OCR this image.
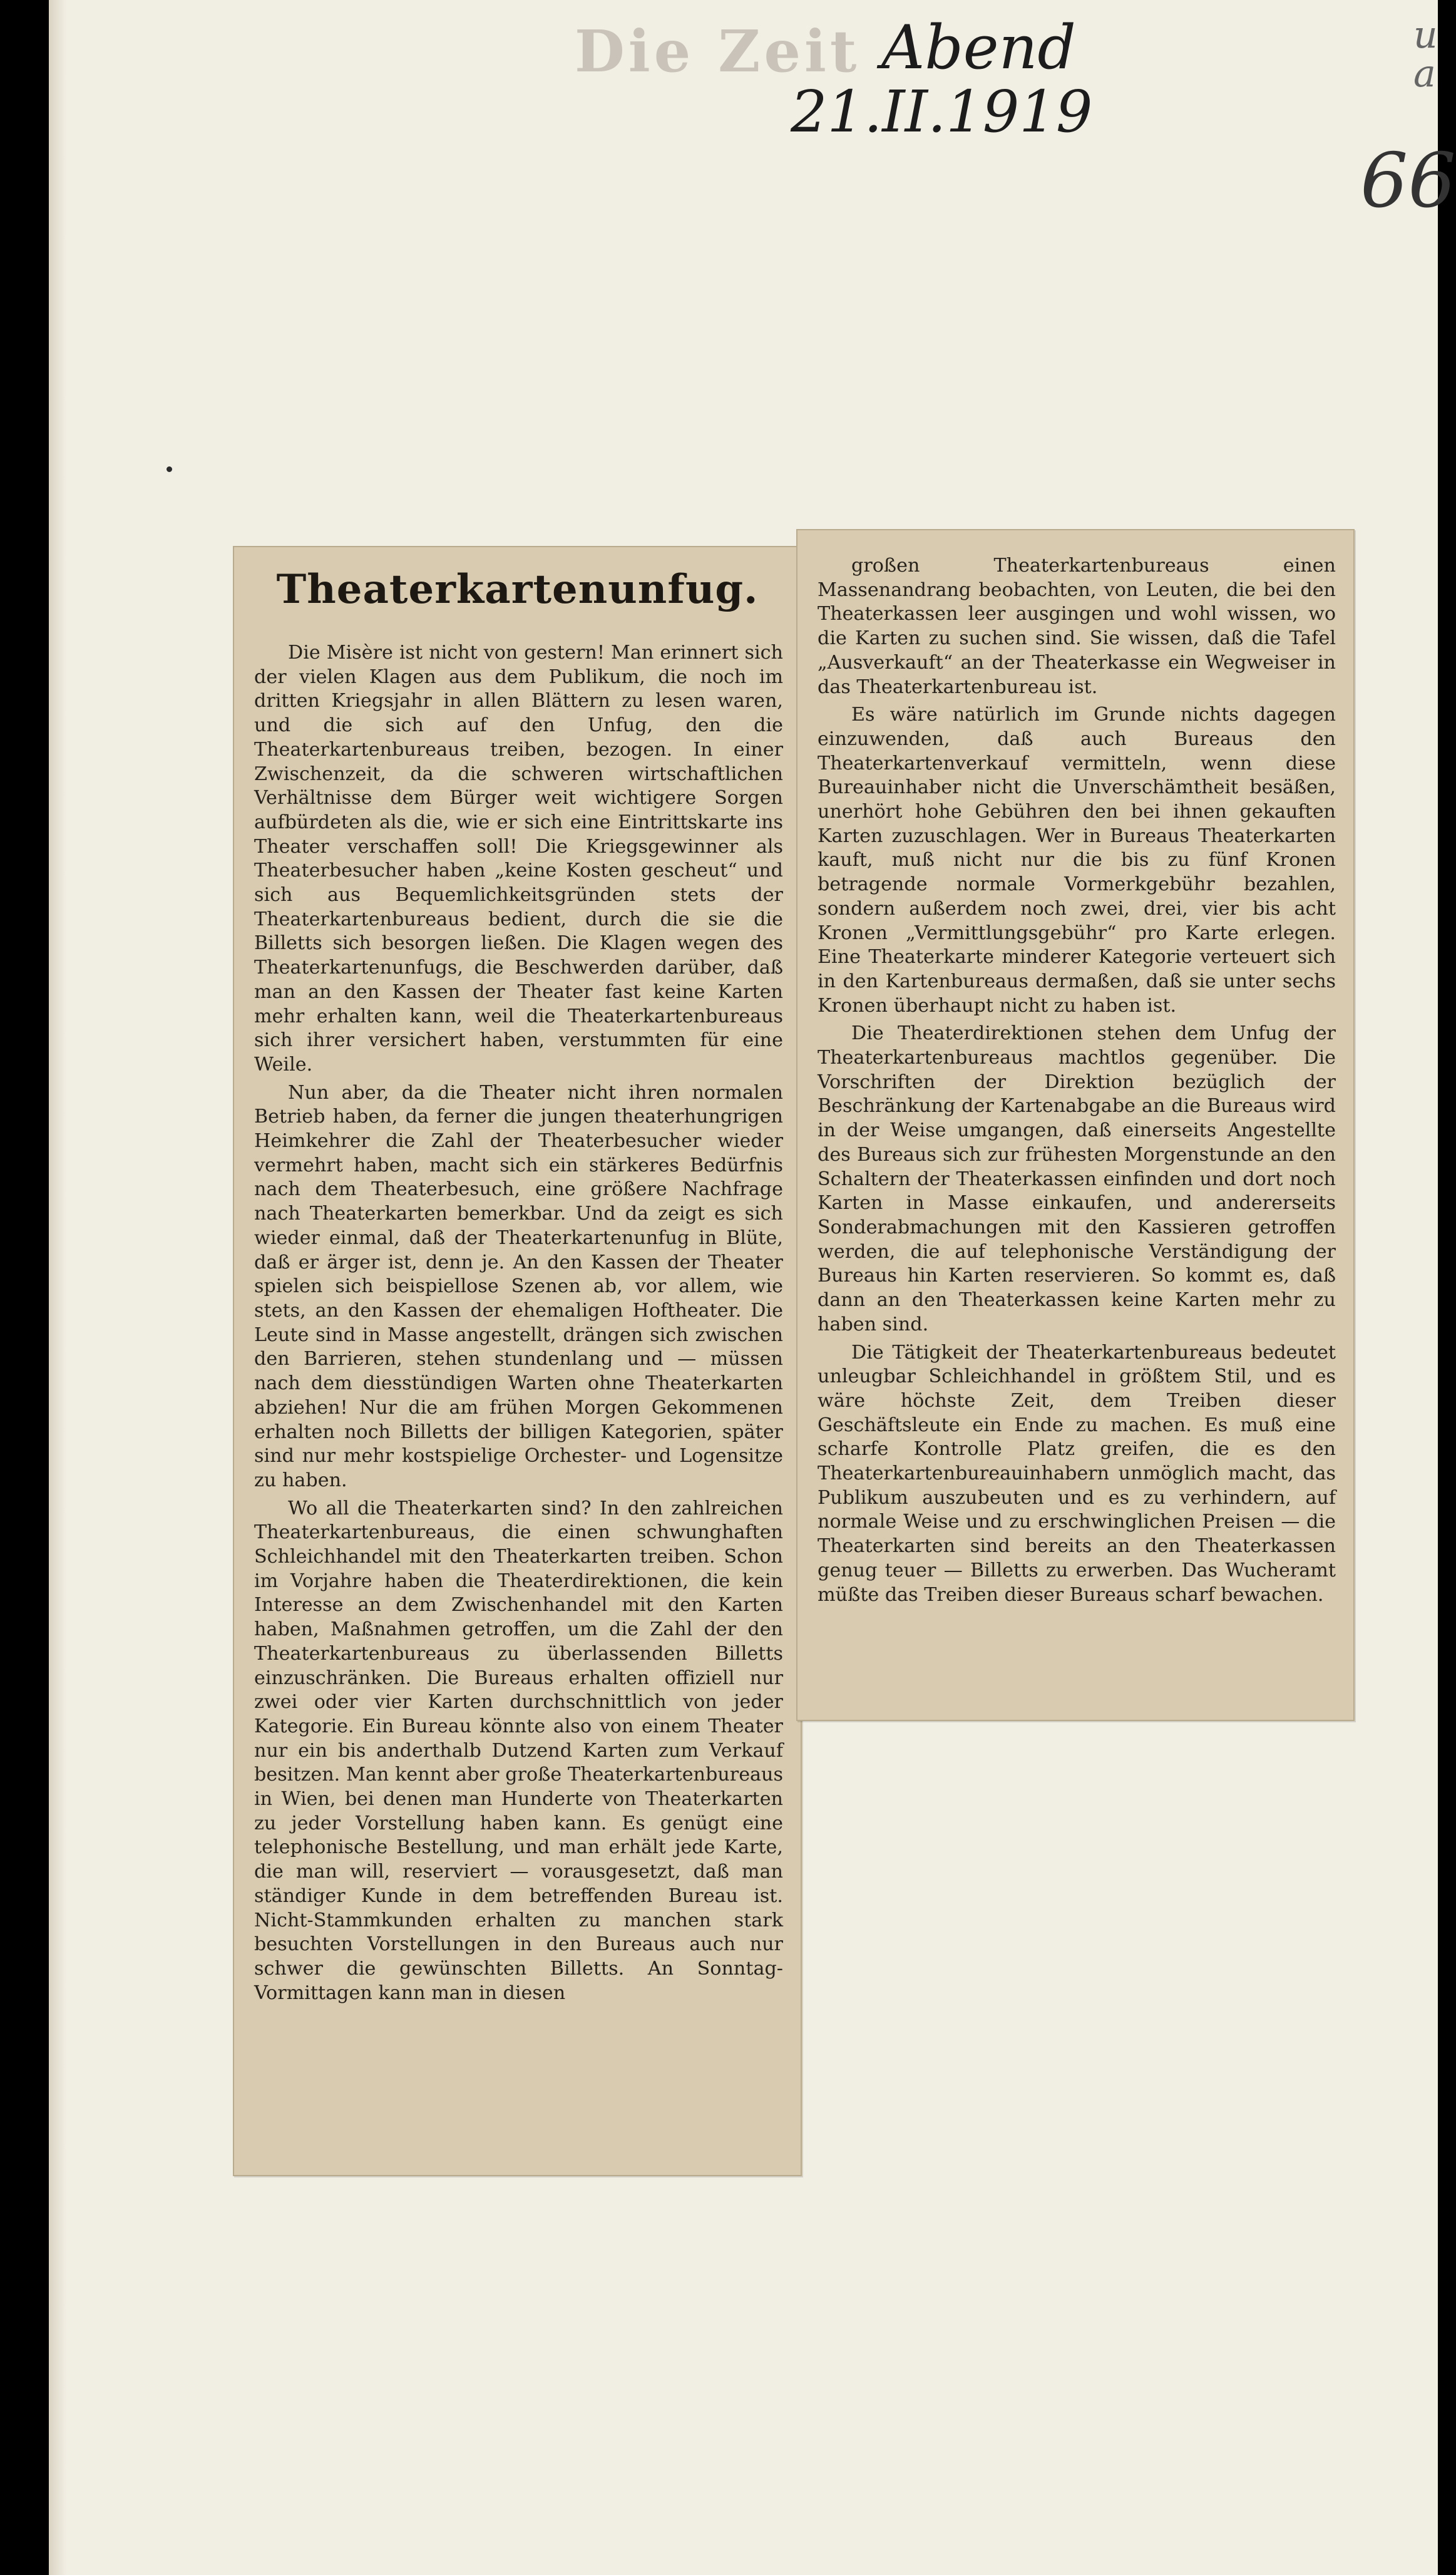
Die Zeit Abend
21.II.1919
66
u a
Theaterkartenunfug.

Die Misère ist nicht von gestern! Man erinnert sich der vielen Klagen aus dem Publikum, die noch im dritten Kriegsjahr in allen Blättern zu lesen waren, und die sich auf den Unfug, den die Theaterkartenbureaus treiben, bezogen. In einer Zwischenzeit, da die schweren wirtschaftlichen Verhältnisse dem Bürger weit wichtigere Sorgen aufbürdeten als die, wie er sich eine Eintrittskarte ins Theater verschaffen soll! Die Kriegsgewinner als Theaterbesucher haben „keine Kosten gescheut“ und sich aus Bequemlichkeitsgründen stets der Theaterkartenbureaus bedient, durch die sie die Billetts sich besorgen ließen. Die Klagen wegen des Theaterkartenunfugs, die Beschwerden darüber, daß man an den Kassen der Theater fast keine Karten mehr erhalten kann, weil die Theaterkartenbureaus sich ihrer versichert haben, verstummten für eine Weile.

Nun aber, da die Theater nicht ihren normalen Betrieb haben, da ferner die jungen theaterhungrigen Heimkehrer die Zahl der Theaterbesucher wieder vermehrt haben, macht sich ein stärkeres Bedürfnis nach dem Theaterbesuch, eine größere Nachfrage nach Theaterkarten bemerkbar. Und da zeigt es sich wieder einmal, daß der Theaterkartenunfug in Blüte, daß er ärger ist, denn je. An den Kassen der Theater spielen sich beispiellose Szenen ab, vor allem, wie stets, an den Kassen der ehemaligen Hoftheater. Die Leute sind in Masse angestellt, drängen sich zwischen den Barrieren, stehen stundenlang und — müssen nach dem diesstündigen Warten ohne Theaterkarten abziehen! Nur die am frühen Morgen Gekommenen erhalten noch Billetts der billigen Kategorien, später sind nur mehr kostspielige Orchester- und Logensitze zu haben.

Wo all die Theaterkarten sind? In den zahlreichen Theaterkartenbureaus, die einen schwunghaften Schleichhandel mit den Theaterkarten treiben. Schon im Vorjahre haben die Theaterdirektionen, die kein Interesse an dem Zwischenhandel mit den Karten haben, Maßnahmen getroffen, um die Zahl der den Theaterkartenbureaus zu überlassenden Billetts einzuschränken. Die Bureaus erhalten offiziell nur zwei oder vier Karten durchschnittlich von jeder Kategorie. Ein Bureau könnte also von einem Theater nur ein bis anderthalb Dutzend Karten zum Verkauf besitzen. Man kennt aber große Theaterkartenbureaus in Wien, bei denen man Hunderte von Theaterkarten zu jeder Vorstellung haben kann. Es genügt eine telephonische Bestellung, und man erhält jede Karte, die man will, reserviert — vorausgesetzt, daß man ständiger Kunde in dem betreffenden Bureau ist. Nicht-Stammkunden erhalten zu manchen stark besuchten Vorstellungen in den Bureaus auch nur schwer die gewünschten Billetts. An Sonntag-Vormittagen kann man in diesen

großen Theaterkartenbureaus einen Massenandrang beobachten, von Leuten, die bei den Theaterkassen leer ausgingen und wohl wissen, wo die Karten zu suchen sind. Sie wissen, daß die Tafel „Ausverkauft“ an der Theaterkasse ein Wegweiser in das Theaterkartenbureau ist.

Es wäre natürlich im Grunde nichts dagegen einzuwenden, daß auch Bureaus den Theaterkartenverkauf vermitteln, wenn diese Bureauinhaber nicht die Unverschämtheit besäßen, unerhört hohe Gebühren den bei ihnen gekauften Karten zuzuschlagen. Wer in Bureaus Theaterkarten kauft, muß nicht nur die bis zu fünf Kronen betragende normale Vormerkgebühr bezahlen, sondern außerdem noch zwei, drei, vier bis acht Kronen „Vermittlungsgebühr“ pro Karte erlegen. Eine Theaterkarte minderer Kategorie verteuert sich in den Kartenbureaus dermaßen, daß sie unter sechs Kronen überhaupt nicht zu haben ist.

Die Theaterdirektionen stehen dem Unfug der Theaterkartenbureaus machtlos gegenüber. Die Vorschriften der Direktion bezüglich der Beschränkung der Kartenabgabe an die Bureaus wird in der Weise umgangen, daß einerseits Angestellte des Bureaus sich zur frühesten Morgenstunde an den Schaltern der Theaterkassen einfinden und dort noch Karten in Masse einkaufen, und andererseits Sonderabmachungen mit den Kassieren getroffen werden, die auf telephonische Verständigung der Bureaus hin Karten reservieren. So kommt es, daß dann an den Theaterkassen keine Karten mehr zu haben sind.

Die Tätigkeit der Theaterkartenbureaus bedeutet unleugbar Schleichhandel in größtem Stil, und es wäre höchste Zeit, dem Treiben dieser Geschäftsleute ein Ende zu machen. Es muß eine scharfe Kontrolle Platz greifen, die es den Theaterkartenbureauinhabern unmöglich macht, das Publikum auszubeuten und es zu verhindern, auf normale Weise und zu erschwinglichen Preisen — die Theaterkarten sind bereits an den Theaterkassen genug teuer — Billetts zu erwerben. Das Wucheramt müßte das Treiben dieser Bureaus scharf bewachen.
